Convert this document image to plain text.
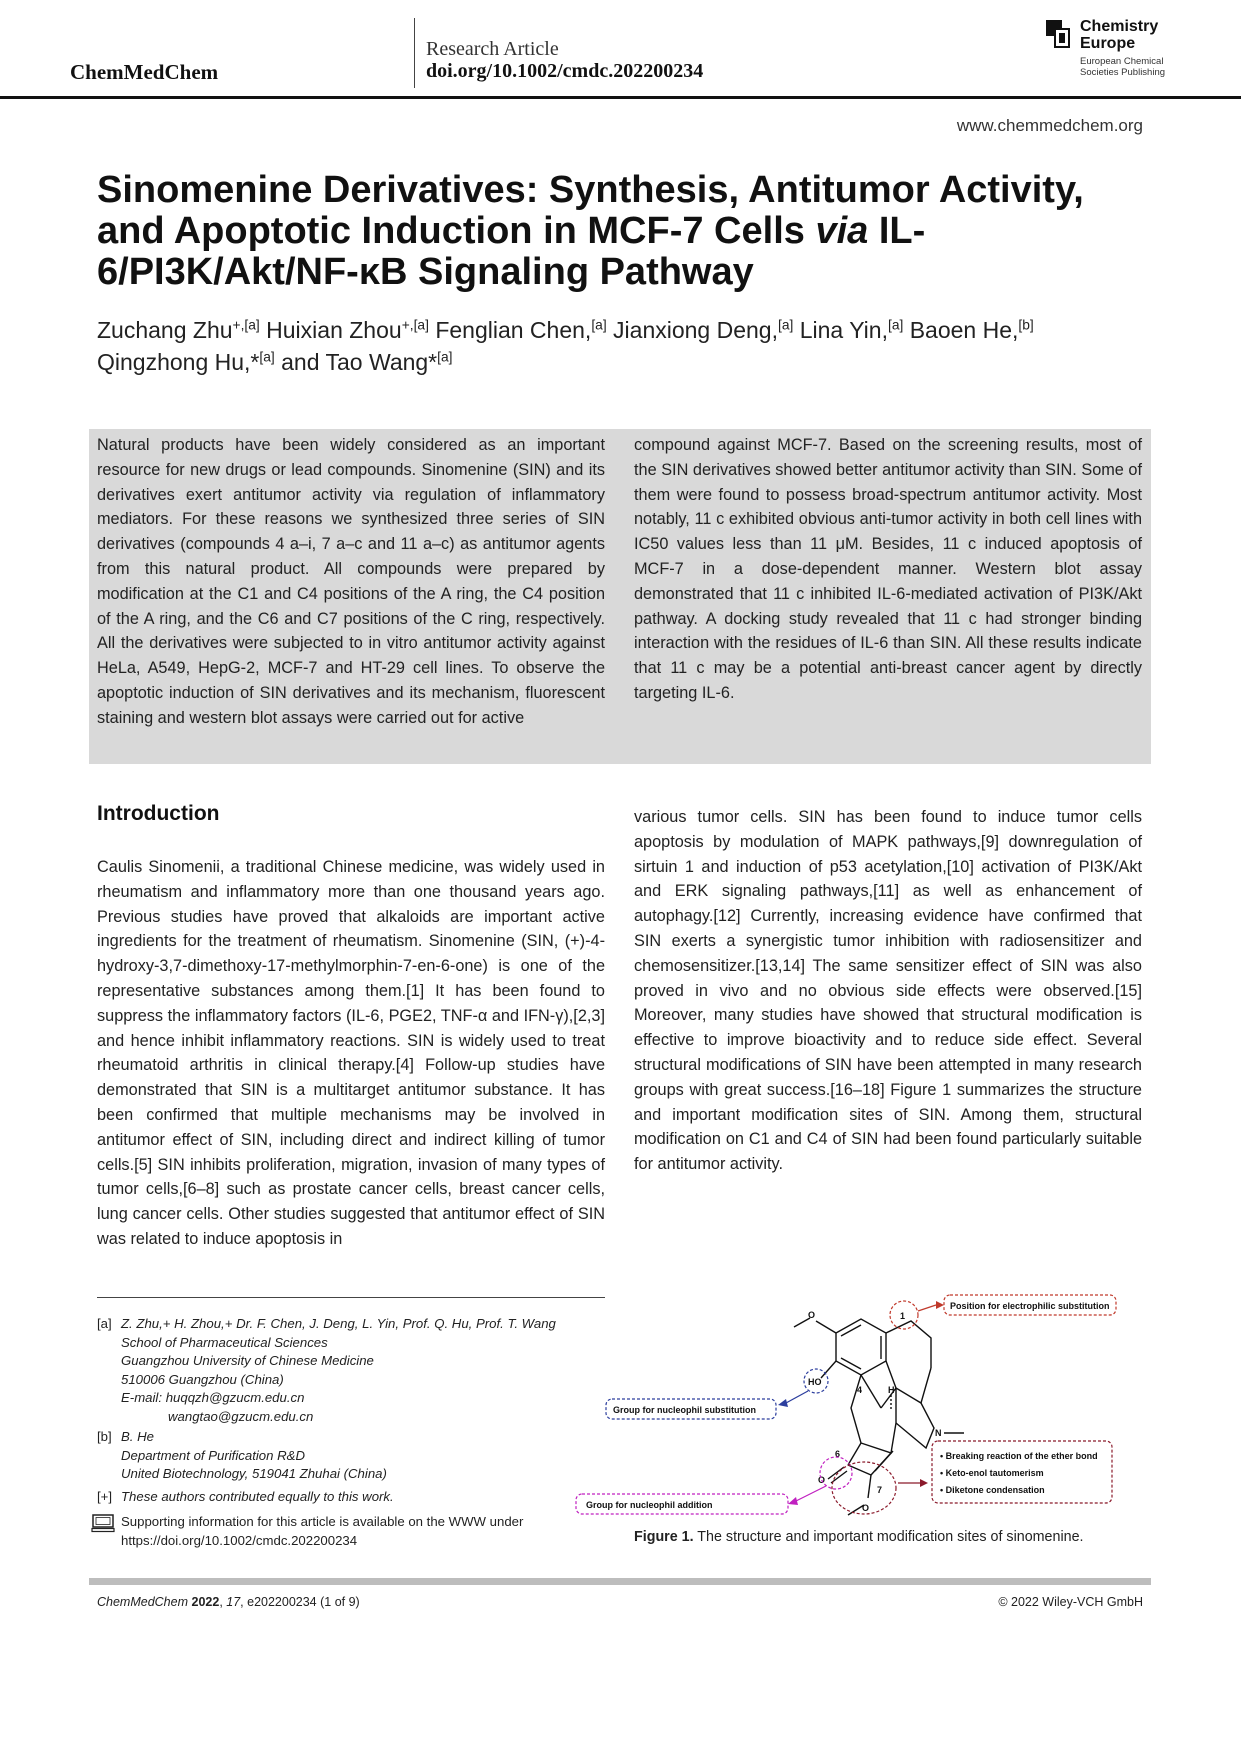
ChemMedChem
Research Article
doi.org/10.1002/cmdc.202200234
Chemistry
Europe
European Chemical
Societies Publishing
www.chemmedchem.org
Sinomenine Derivatives: Synthesis, Antitumor Activity, and Apoptotic Induction in MCF-7 Cells via IL-6/PI3K/Akt/NF-κB Signaling Pathway
Zuchang Zhu$^{+,[a]}$ Huixian Zhou$^{+,[a]}$ Fenglian Chen,[a] Jianxiong Deng,[a] Lina Yin,[a] Baoen He,[b]
Qingzhong Hu,*[a] and Tao Wang*[a]
Natural products have been widely considered as an important resource for new drugs or lead compounds. Sinomenine (SIN) and its derivatives exert antitumor activity via regulation of inflammatory mediators. For these reasons we synthesized three series of SIN derivatives (compounds 4 a–i, 7 a–c and 11 a–c) as antitumor agents from this natural product. All compounds were prepared by modification at the C1 and C4 positions of the A ring, the C4 position of the A ring, and the C6 and C7 positions of the C ring, respectively. All the derivatives were subjected to in vitro antitumor activity against HeLa, A549, HepG-2, MCF-7 and HT-29 cell lines. To observe the apoptotic induction of SIN derivatives and its mechanism, fluorescent staining and western blot assays were carried out for active
compound against MCF-7. Based on the screening results, most of the SIN derivatives showed better antitumor activity than SIN. Some of them were found to possess broad-spectrum antitumor activity. Most notably, 11 c exhibited obvious anti-tumor activity in both cell lines with IC50 values less than 11 μM. Besides, 11 c induced apoptosis of MCF-7 in a dose-dependent manner. Western blot assay demonstrated that 11 c inhibited IL-6-mediated activation of PI3K/Akt pathway. A docking study revealed that 11 c had stronger binding interaction with the residues of IL-6 than SIN. All these results indicate that 11 c may be a potential anti-breast cancer agent by directly targeting IL-6.
Introduction
Caulis Sinomenii, a traditional Chinese medicine, was widely used in rheumatism and inflammatory more than one thousand years ago. Previous studies have proved that alkaloids are important active ingredients for the treatment of rheumatism. Sinomenine (SIN, (+)-4-hydroxy-3,7-dimethoxy-17-methylmorphin-7-en-6-one) is one of the representative substances among them.[1] It has been found to suppress the inflammatory factors (IL-6, PGE2, TNF-α and IFN-γ),[2,3] and hence inhibit inflammatory reactions. SIN is widely used to treat rheumatoid arthritis in clinical therapy.[4] Follow-up studies have demonstrated that SIN is a multitarget antitumor substance. It has been confirmed that multiple mechanisms may be involved in antitumor effect of SIN, including direct and indirect killing of tumor cells.[5] SIN inhibits proliferation, migration, invasion of many types of tumor cells,[6–8] such as prostate cancer cells, breast cancer cells, lung cancer cells. Other studies suggested that antitumor effect of SIN was related to induce apoptosis in
various tumor cells. SIN has been found to induce tumor cells apoptosis by modulation of MAPK pathways,[9] downregulation of sirtuin 1 and induction of p53 acetylation,[10] activation of PI3K/Akt and ERK signaling pathways,[11] as well as enhancement of autophagy.[12] Currently, increasing evidence have confirmed that SIN exerts a synergistic tumor inhibition with radiosensitizer and chemosensitizer.[13,14] The same sensitizer effect of SIN was also proved in vivo and no obvious side effects were observed.[15] Moreover, many studies have showed that structural modification is effective to improve bioactivity and to reduce side effect. Several structural modifications of SIN have been attempted in many research groups with great success.[16–18] Figure 1 summarizes the structure and important modification sites of SIN. Among them, structural modification on C1 and C4 of SIN had been found particularly suitable for antitumor activity.
[a] Z. Zhu,+ H. Zhou,+ Dr. F. Chen, J. Deng, L. Yin, Prof. Q. Hu, Prof. T. Wang
School of Pharmaceutical Sciences
Guangzhou University of Chinese Medicine
510006 Guangzhou (China)
E-mail: huqqzh@gzucm.edu.cn
wangtao@gzucm.edu.cn
[b] B. He
Department of Purification R&D
United Biotechnology, 519041 Zhuhai (China)
[+] These authors contributed equally to this work.
Supporting information for this article is available on the WWW under
https://doi.org/10.1002/cmdc.202200234
O
4
HO
H
N
O
O
6
7
1
Position for electrophilic substitution
Group for nucleophil substitution
Group for nucleophil addition
• Breaking reaction of the ether bond
• Keto-enol tautomerism
• Diketone condensation
Figure 1. The structure and important modification sites of sinomenine.
ChemMedChem 2022, 17, e202200234 (1 of 9)	© 2022 Wiley-VCH GmbH
